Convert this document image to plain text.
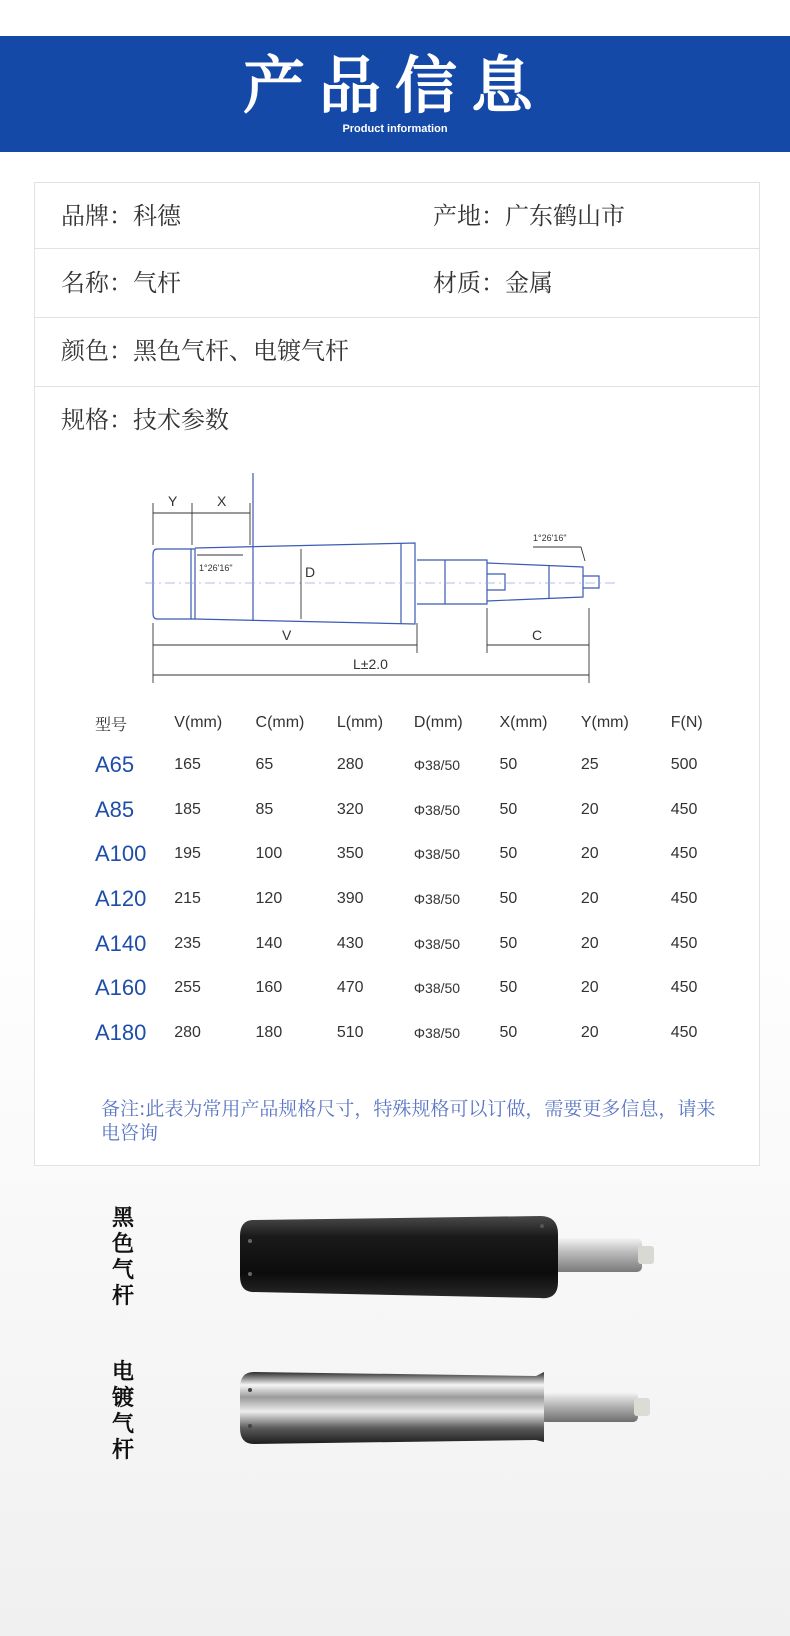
产品信息
Product information
品牌：科德	产地：广东鹤山市
名称：气杆	材质：金属
颜色：黑色气杆、电镀气杆
规格：技术参数
Y	X
D
V	C
L±2.0
1°26'16"
1°26'16"
型号	V(mm)	C(mm)	L(mm)	D(mm)	X(mm)	Y(mm)	F(N)
A65	165	65	280	Φ38/50	50	25	500
A85	185	85	320	Φ38/50	50	20	450
A100	195	100	350	Φ38/50	50	20	450
A120	215	120	390	Φ38/50	50	20	450
A140	235	140	430	Φ38/50	50	20	450
A160	255	160	470	Φ38/50	50	20	450
A180	280	180	510	Φ38/50	50	20	450
备注:此表为常用产品规格尺寸，特殊规格可以订做，需要更多信息，请来电咨询
黑
色
气
杆
电
镀
气
杆
